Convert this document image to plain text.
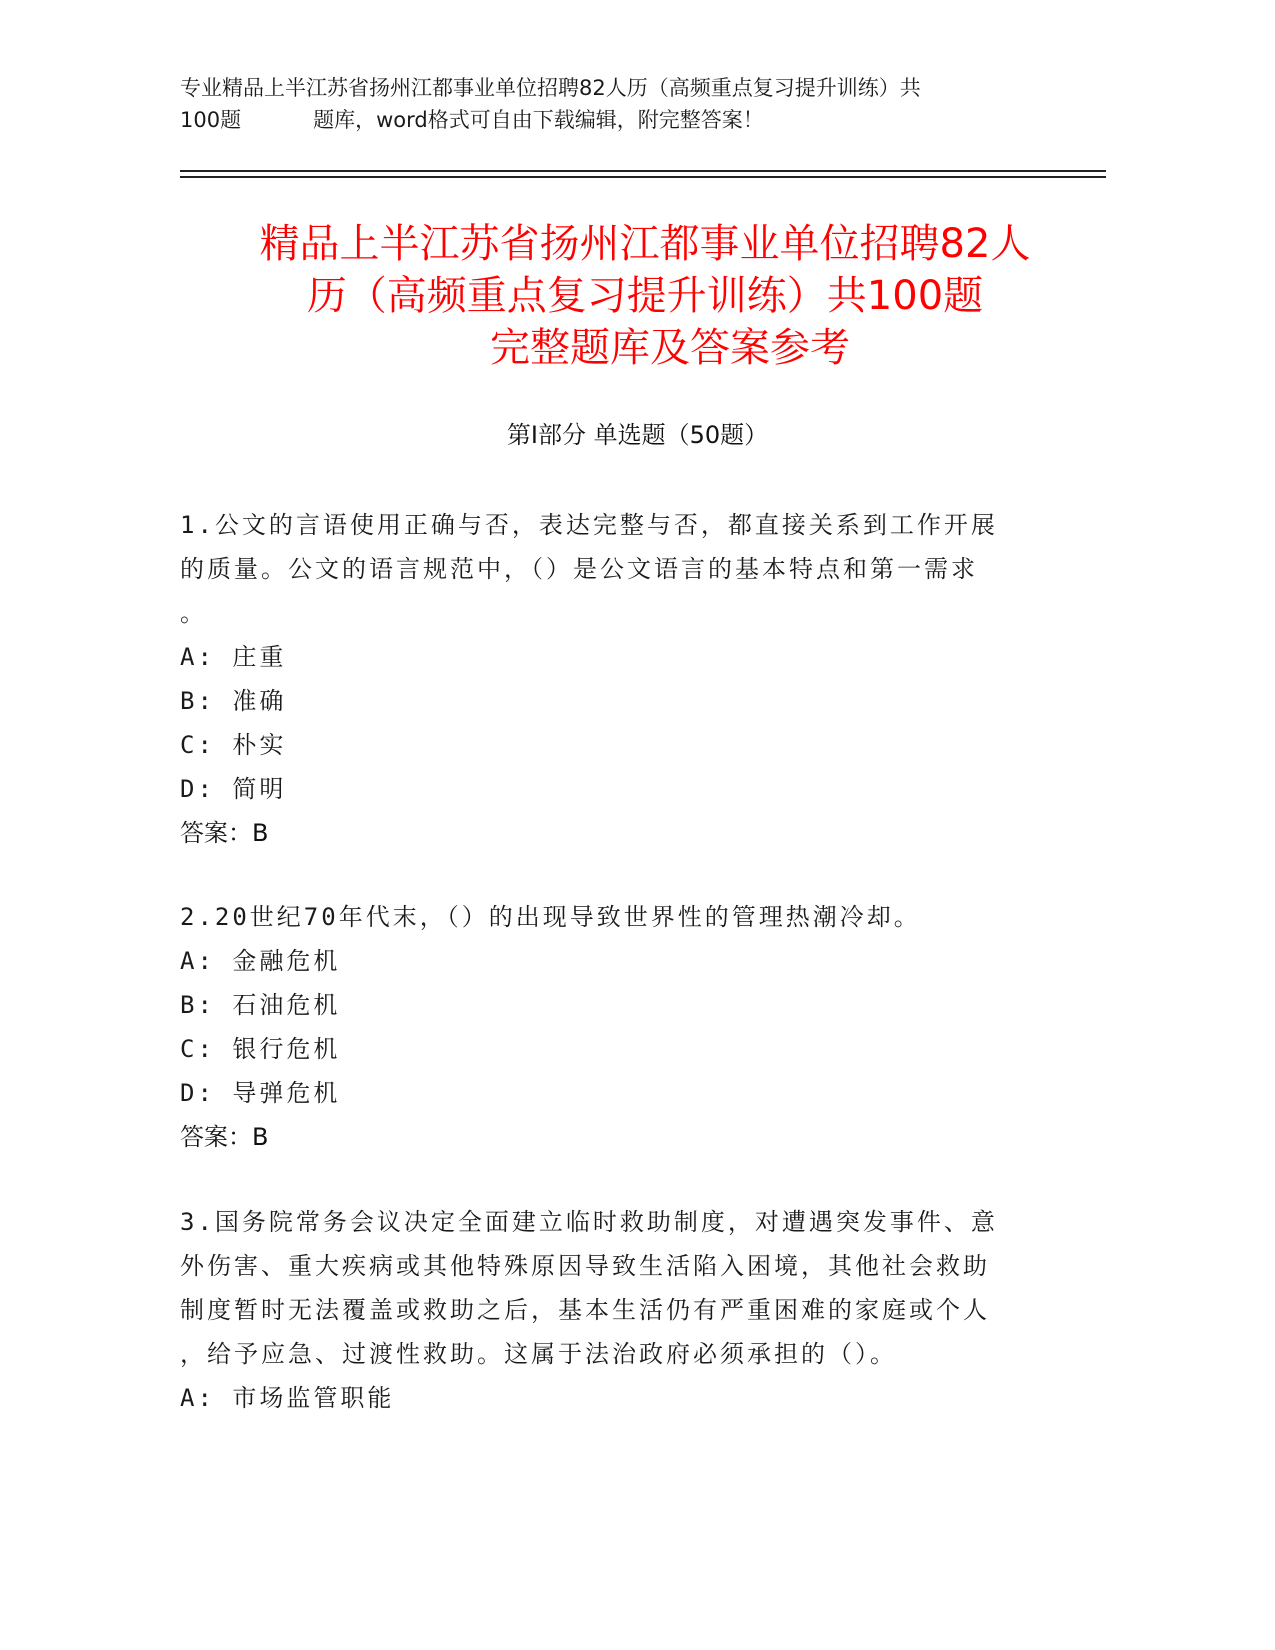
专业精品上半江苏省扬州江都事业单位招聘82人历（高频重点复习提升训练）共
100题	题库，word格式可自由下载编辑，附完整答案！
精品上半江苏省扬州江都事业单位招聘82人
历（高频重点复习提升训练）共100题
完整题库及答案参考
第Ⅰ部分 单选题（50题）
1.公文的言语使用正确与否，表达完整与否，都直接关系到工作开展
的质量。公文的语言规范中，（）是公文语言的基本特点和第一需求
。
A: 庄重
B: 准确
C: 朴实
D: 简明
答案：B
2.20世纪70年代末，（）的出现导致世界性的管理热潮冷却。
A: 金融危机
B: 石油危机
C: 银行危机
D: 导弹危机
答案：B
3.国务院常务会议决定全面建立临时救助制度，对遭遇突发事件、意
外伤害、重大疾病或其他特殊原因导致生活陷入困境，其他社会救助
制度暂时无法覆盖或救助之后，基本生活仍有严重困难的家庭或个人
，给予应急、过渡性救助。这属于法治政府必须承担的（）。
A: 市场监管职能
